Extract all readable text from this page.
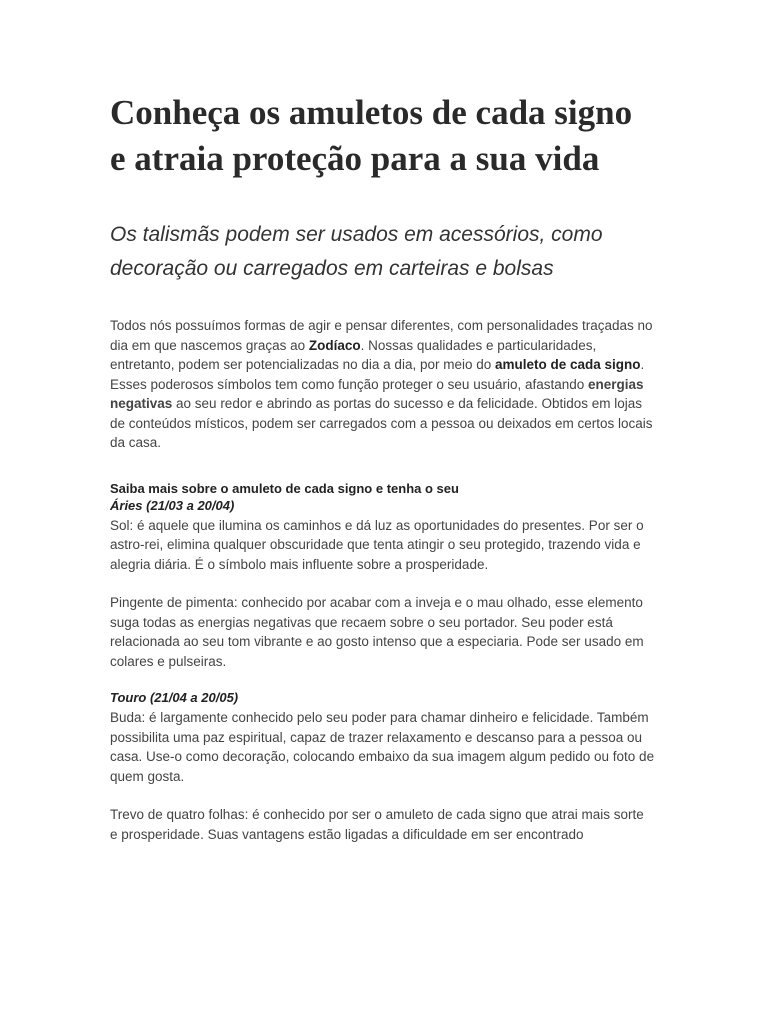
Conheça os amuletos de cada signo e atraia proteção para a sua vida

Os talismãs podem ser usados em acessórios, como decoração ou carregados em carteiras e bolsas

Todos nós possuímos formas de agir e pensar diferentes, com personalidades traçadas no dia em que nascemos graças ao Zodíaco. Nossas qualidades e particularidades, entretanto, podem ser potencializadas no dia a dia, por meio do amuleto de cada signo.

Esses poderosos símbolos tem como função proteger o seu usuário, afastando energias negativas ao seu redor e abrindo as portas do sucesso e da felicidade. Obtidos em lojas de conteúdos místicos, podem ser carregados com a pessoa ou deixados em certos locais da casa.

Saiba mais sobre o amuleto de cada signo e tenha o seu

Áries (21/03 a 20/04)

Sol: é aquele que ilumina os caminhos e dá luz as oportunidades do presentes. Por ser o astro-rei, elimina qualquer obscuridade que tenta atingir o seu protegido, trazendo vida e alegria diária. É o símbolo mais influente sobre a prosperidade.

Pingente de pimenta: conhecido por acabar com a inveja e o mau olhado, esse elemento suga todas as energias negativas que recaem sobre o seu portador. Seu poder está relacionada ao seu tom vibrante e ao gosto intenso que a especiaria. Pode ser usado em colares e pulseiras.

Touro (21/04 a 20/05)

Buda: é largamente conhecido pelo seu poder para chamar dinheiro e felicidade. Também possibilita uma paz espiritual, capaz de trazer relaxamento e descanso para a pessoa ou casa. Use-o como decoração, colocando embaixo da sua imagem algum pedido ou foto de quem gosta.

Trevo de quatro folhas: é conhecido por ser o amuleto de cada signo que atrai mais sorte e prosperidade. Suas vantagens estão ligadas a dificuldade em ser encontrado
